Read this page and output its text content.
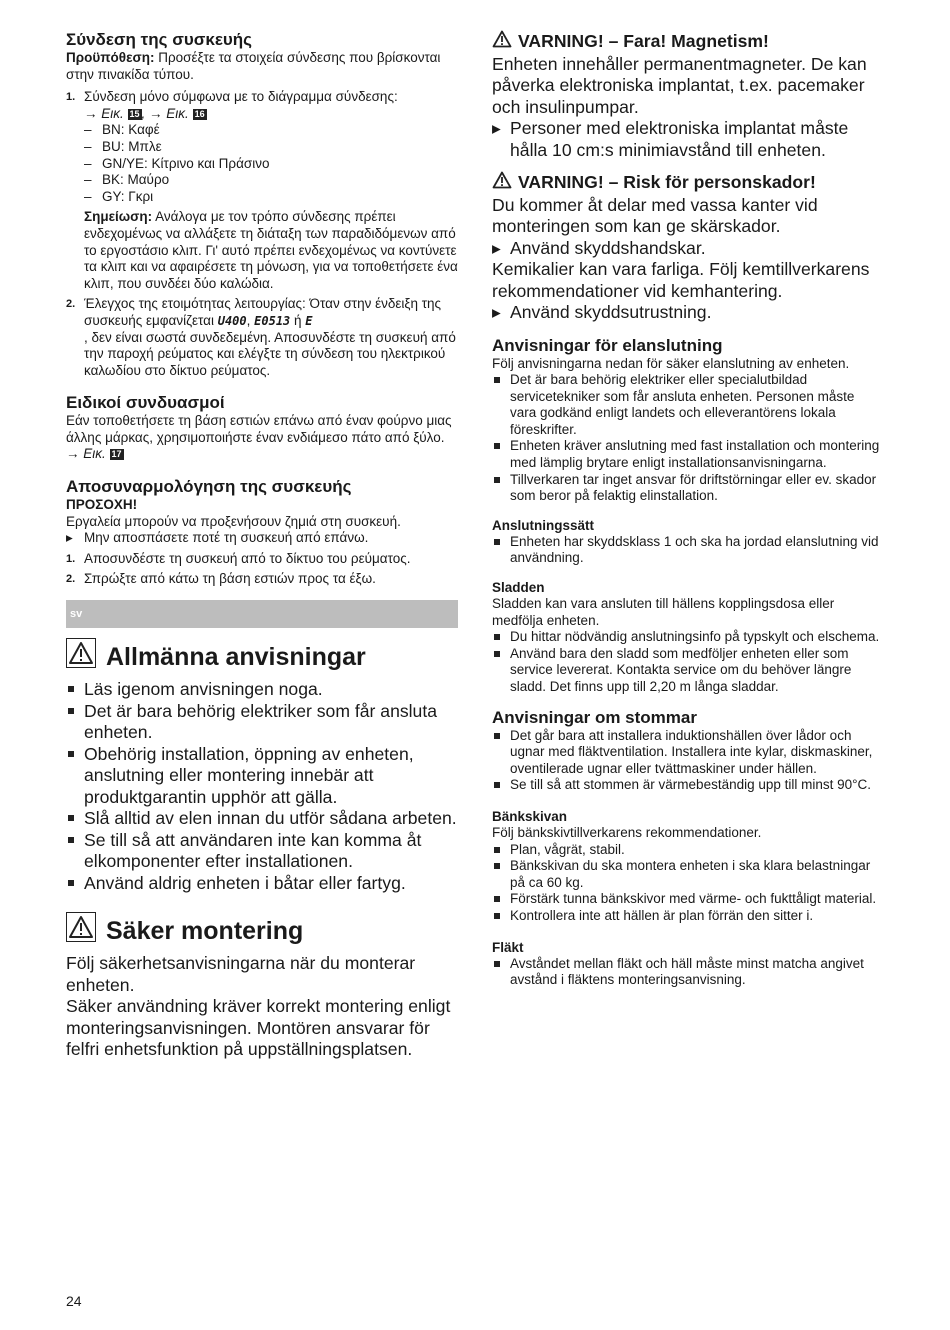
Σύνδεση της συσκευής

Προϋπόθεση: Προσέξτε τα στοιχεία σύνδεσης που βρίσκονται στην πινακίδα τύπου.

1. Σύνδεση μόνο σύμφωνα με το διάγραμμα σύνδεσης:
→ Εικ. 15 , → Εικ. 16
– BN: Καφέ
– BU: Μπλε
– GN/YE: Κίτρινο και Πράσινο
– BK: Μαύρο
– GY: Γκρι

Σημείωση: Ανάλογα με τον τρόπο σύνδεσης πρέπει ενδεχομένως να αλλάξετε τη διάταξη των παραδιδόμενων από το εργοστάσιο κλιπ. Γι' αυτό πρέπει ενδεχομένως να κοντύνετε τα κλιπ και να αφαιρέσετε τη μόνωση, για να τοποθετήσετε ένα κλιπ, που συνδέει δύο καλώδια.

2. Έλεγχος της ετοιμότητας λειτουργίας: Όταν στην ένδειξη της συσκευής εμφανίζεται U400, E0513 ή E
, δεν είναι σωστά συνδεδεμένη. Αποσυνδέστε τη συσκευή από την παροχή ρεύματος και ελέγξτε τη σύνδεση του ηλεκτρικού καλωδίου στο δίκτυο ρεύματος.
Ειδικοί συνδυασμοί

Εάν τοποθετήσετε τη βάση εστιών επάνω από έναν φούρνο μιας άλλης μάρκας, χρησιμοποιήστε έναν ενδιάμεσο πάτο από ξύλο.

→ Εικ. 17

Αποσυναρμολόγηση της συσκευής

ΠΡΟΣΟΧΗ!

Εργαλεία μπορούν να προξενήσουν ζημιά στη συσκευή.

▸ Μην αποσπάσετε ποτέ τη συσκευή από επάνω.
1. Αποσυνδέστε τη συσκευή από το δίκτυο του ρεύματος.
2. Σπρώξτε από κάτω τη βάση εστιών προς τα έξω.
sv
Allmänna anvisningar
Läs igenom anvisningen noga.
Det är bara behörig elektriker som får ansluta enheten.
Obehörig installation, öppning av enheten, anslutning eller montering innebär att produktgarantin upphör att gälla.
Slå alltid av elen innan du utför sådana arbeten.
Se till så att användaren inte kan komma åt elkomponenter efter installationen.
Använd aldrig enheten i båtar eller fartyg.
Säker montering

Följ säkerhetsanvisningarna när du monterar enheten.

Säker användning kräver korrekt montering enligt monteringsanvisningen. Montören ansvarar för felfri enhetsfunktion på uppställningsplatsen.

VARNING! – Fara! Magnetism!

Enheten innehåller permanentmagneter. De kan påverka elektroniska implantat, t.ex. pacemaker och insulinpumpar.

▸ Personer med elektroniska implantat måste hålla 10 cm:s minimiavstånd till enheten.
VARNING! – Risk för personskador!

Du kommer åt delar med vassa kanter vid monteringen som kan ge skärskador.

▸ Använd skyddshandskar.

Kemikalier kan vara farliga. Följ kemtillverkarens rekommendationer vid kemhantering.

▸ Använd skyddsutrustning.
Anvisningar för elanslutning

Följ anvisningarna nedan för säker elanslutning av enheten.

Det är bara behörig elektriker eller specialutbildad servicetekniker som får ansluta enheten. Personen måste vara godkänd enligt landets och elleverantörens lokala föreskrifter.
Enheten kräver anslutning med fast installation och montering med lämplig brytare enligt installationsanvisningarna.
Tillverkaren tar inget ansvar för driftstörningar eller ev. skador som beror på felaktig elinstallation.
Anslutningssätt
Enheten har skyddsklass 1 och ska ha jordad elanslutning vid användning.
Sladden

Sladden kan vara ansluten till hällens kopplingsdosa eller medfölja enheten.

Du hittar nödvändig anslutningsinfo på typskylt och elschema.
Använd bara den sladd som medföljer enheten eller som service levererat. Kontakta service om du behöver längre sladd. Det finns upp till 2,20 m långa sladdar.
Anvisningar om stommar
Det går bara att installera induktionshällen över lådor och ugnar med fläktventilation. Installera inte kylar, diskmaskiner, oventilerade ugnar eller tvättmaskiner under hällen.
Se till så att stommen är värmebeständig upp till minst 90°C.
Bänkskivan

Följ bänkskivtillverkarens rekommendationer.

Plan, vågrät, stabil.
Bänkskivan du ska montera enheten i ska klara belastningar på ca 60 kg.
Förstärk tunna bänkskivor med värme- och fukttåligt material.
Kontrollera inte att hällen är plan förrän den sitter i.
Fläkt
Avståndet mellan fläkt och häll måste minst matcha angivet avstånd i fläktens monteringsanvisning.
24
